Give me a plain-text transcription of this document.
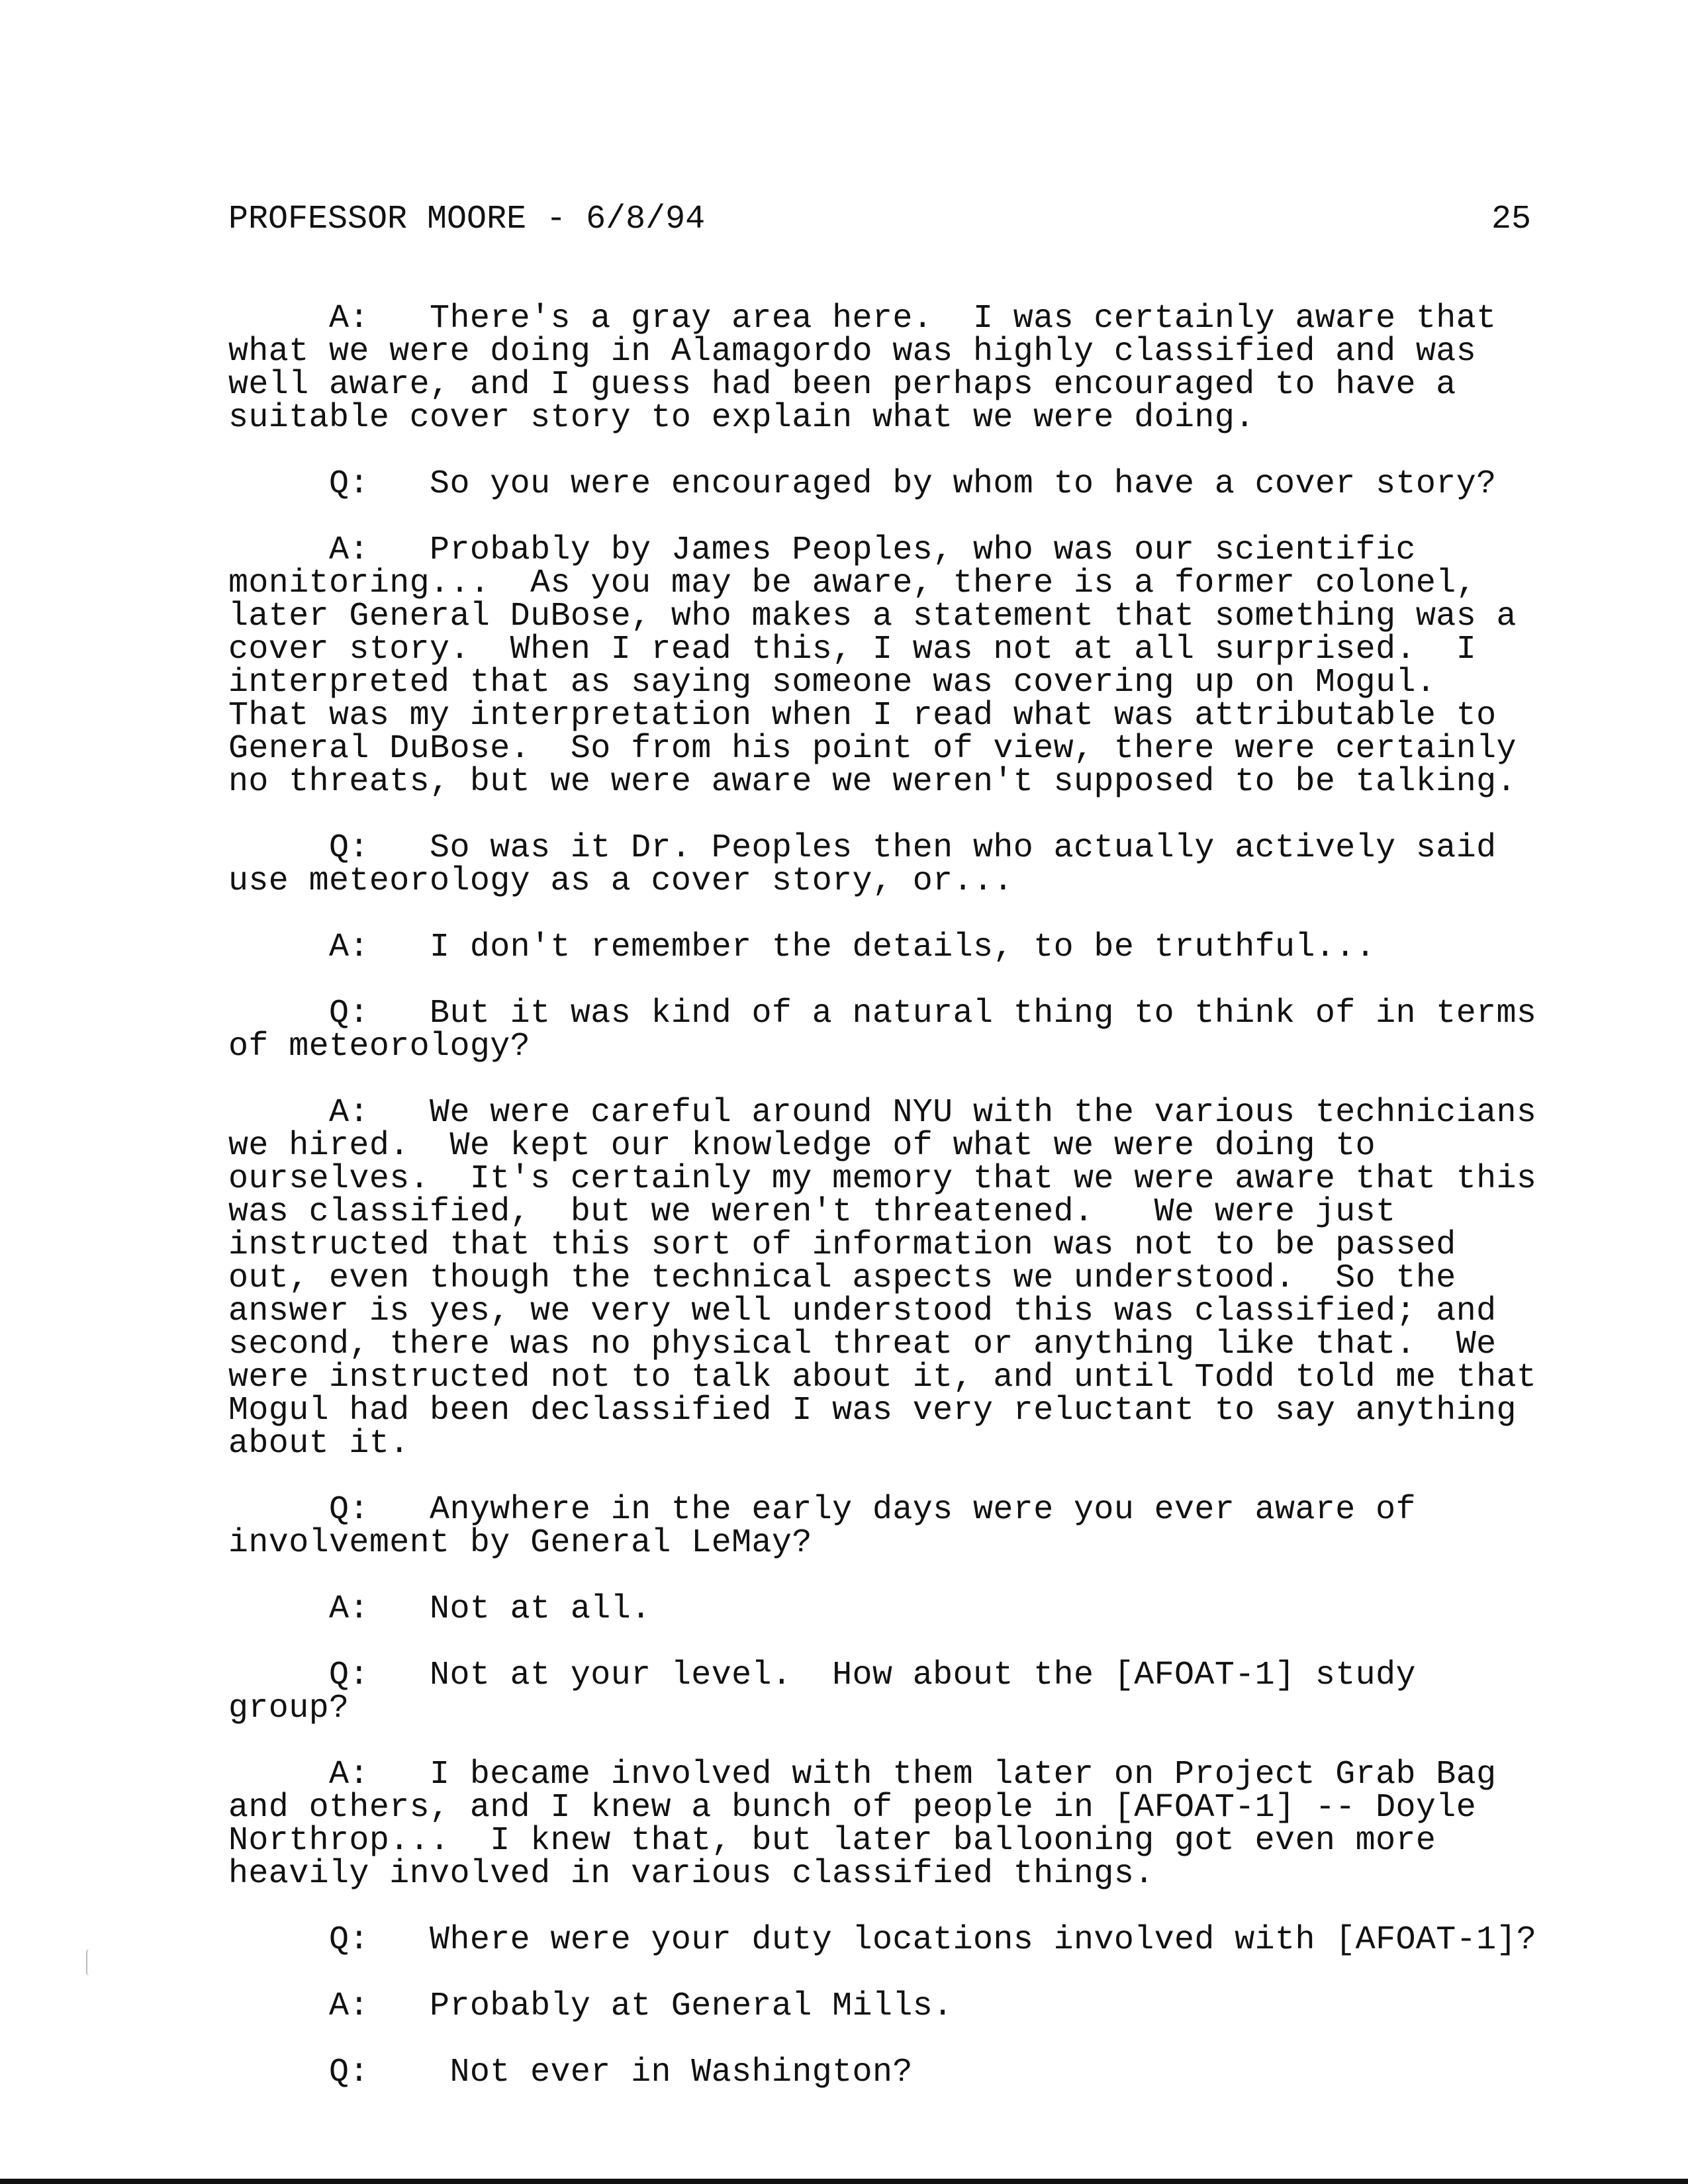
PROFESSOR MOORE - 6/8/94

	25

A:   There's a gray area here.  I was certainly aware that
what we were doing in Alamagordo was highly classified and was
well aware, and I guess had been perhaps encouraged to have a
suitable cover story to explain what we were doing.
Q:   So you were encouraged by whom to have a cover story?
A:   Probably by James Peoples, who was our scientific
monitoring...  As you may be aware, there is a former colonel,
later General DuBose, who makes a statement that something was a
cover story.  When I read this, I was not at all surprised.  I
interpreted that as saying someone was covering up on Mogul.
That was my interpretation when I read what was attributable to
General DuBose.  So from his point of view, there were certainly
no threats, but we were aware we weren't supposed to be talking.
Q:   So was it Dr. Peoples then who actually actively said
use meteorology as a cover story, or...
A:   I don't remember the details, to be truthful...
Q:   But it was kind of a natural thing to think of in terms
of meteorology?
A:   We were careful around NYU with the various technicians
we hired.  We kept our knowledge of what we were doing to
ourselves.  It's certainly my memory that we were aware that this
was classified,  but we weren't threatened.   We were just
instructed that this sort of information was not to be passed
out, even though the technical aspects we understood.  So the
answer is yes, we very well understood this was classified; and
second, there was no physical threat or anything like that.  We
were instructed not to talk about it, and until Todd told me that
Mogul had been declassified I was very reluctant to say anything
about it.
Q:   Anywhere in the early days were you ever aware of
involvement by General LeMay?
A:   Not at all.
Q:   Not at your level.  How about the [AFOAT-1] study
group?
A:   I became involved with them later on Project Grab Bag
and others, and I knew a bunch of people in [AFOAT-1] -- Doyle
Northrop...  I knew that, but later ballooning got even more
heavily involved in various classified things.
Q:   Where were your duty locations involved with [AFOAT-1]?
A:   Probably at General Mills.
Q:    Not ever in Washington?
